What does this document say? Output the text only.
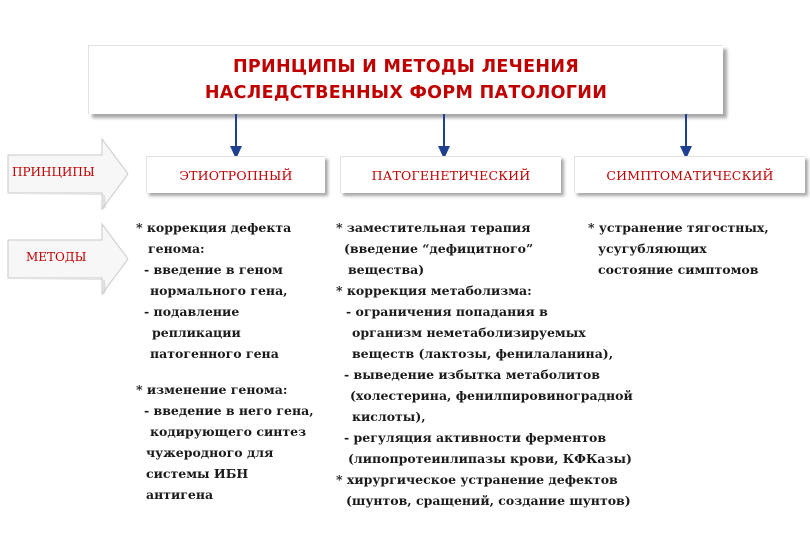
ПРИНЦИПЫ И МЕТОДЫ ЛЕЧЕНИЯ
НАСЛЕДСТВЕННЫХ ФОРМ ПАТОЛОГИИ
ЭТИОТРОПНЫЙ	ПАТОГЕНЕТИЧЕСКИЙ	СИМПТОМАТИЧЕСКИЙ
ПРИНЦИПЫ
МЕТОДЫ
* коррекция дефекта
генома:
- введение в геном
нормального гена,
- подавление
репликации
патогенного гена
* изменение генома:
- введение в него гена,
кодирующего синтез
чужеродного для
системы ИБН
антигена
* заместительная терапия
(введение “дефицитного”
вещества)
* коррекция метаболизма:
- ограничения попадания в
организм неметаболизируемых
веществ (лактозы, фенилаланина),
- выведение избытка метаболитов
(холестерина, фенилпировиноградной
кислоты),
- регуляция активности ферментов
(липопротеинлипазы крови, КФКазы)
* хирургическое устранение дефектов
(шунтов, сращений, создание шунтов)
* устранение тягостных,
усугубляющих
состояние симптомов
